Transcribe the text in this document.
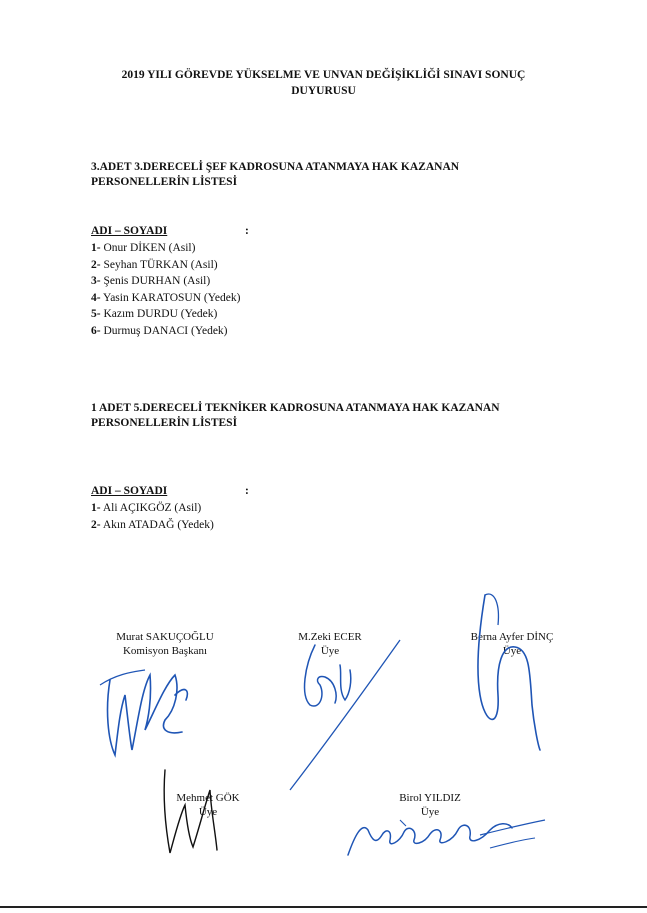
2019 YILI GÖREVDE YÜKSELME VE UNVAN DEĞİŞİKLİĞİ SINAVI SONUÇ
DUYURUSU
3.ADET 3.DERECELİ ŞEF KADROSUNA ATANMAYA HAK KAZANAN
PERSONELLERİN LİSTESİ
ADI – SOYADI	:
1- Onur DİKEN (Asil)
2- Seyhan TÜRKAN (Asil)
3- Şenis DURHAN (Asil)
4- Yasin KARATOSUN (Yedek)
5- Kazım DURDU (Yedek)
6- Durmuş DANACI (Yedek)
1 ADET 5.DERECELİ TEKNİKER KADROSUNA ATANMAYA HAK KAZANAN
PERSONELLERİN LİSTESİ
ADI – SOYADI	:
1- Ali AÇIKGÖZ (Asil)
2- Akın ATADAĞ (Yedek)
Murat SAKUÇOĞLU
Komisyon Başkanı
M.Zeki ECER
Üye
Berna Ayfer DİNÇ
Üye
Mehmet GÖK
Üye
Birol YILDIZ
Üye
